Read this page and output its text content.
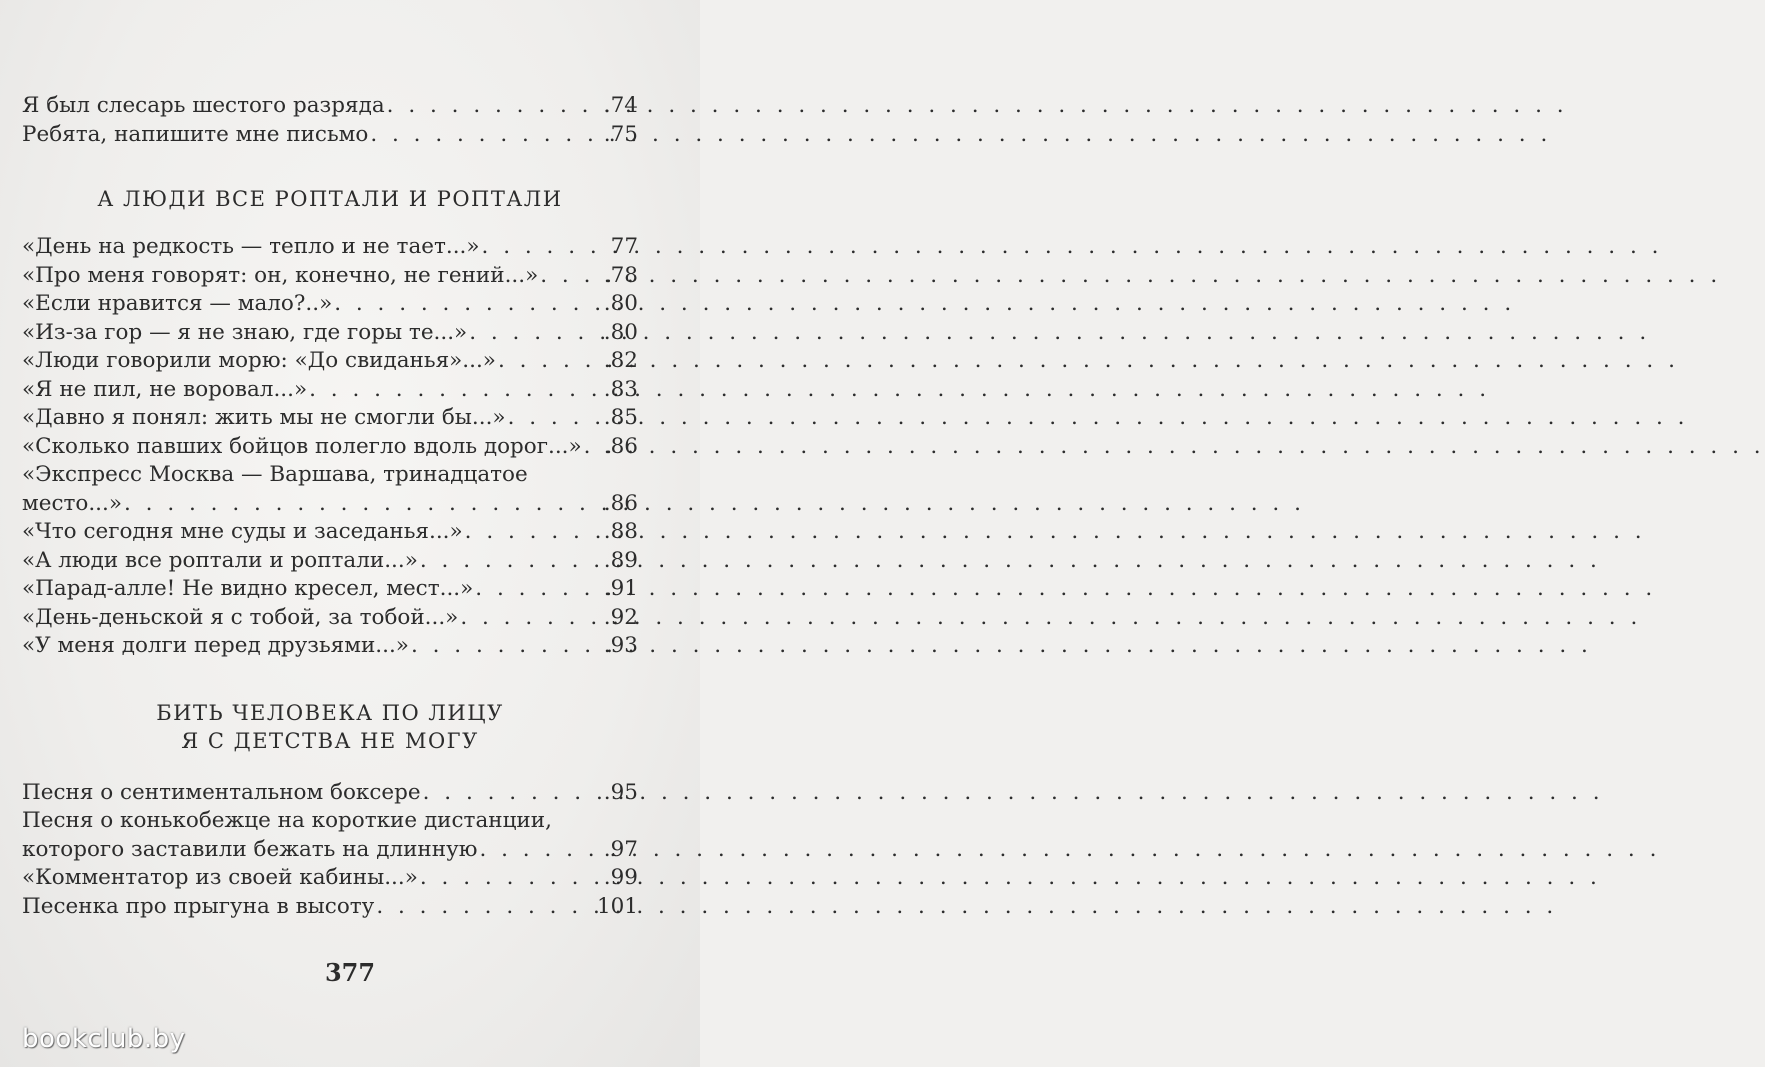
Я был слесарь шестого разряда . . .	.74
Ребята, напишите мне письмо . . .	.75

А ЛЮДИ ВСЕ РОПТАЛИ И РОПТАЛИ

«День на редкость — тепло и не тает...» . . .	77
«Про меня говорят: он, конечно, не гений...» . . .	.78
«Если нравится — мало?..» . . .	.80
«Из-за гор — я не знаю, где горы те...» . . .	.80
«Люди говорили морю: «До свиданья»...» . . .	.82
«Я не пил, не воровал...» . . .	.83
«Давно я понял: жить мы не смогли бы...» . . .	.85
«Сколько павших бойцов полегло вдоль дорог...» . . . .86
«Экспресс Москва — Варшава, тринадцатое
место...» . . .	.86
«Что сегодня мне суды и заседанья...» . . .	.88
«А люди все роптали и роптали...» . . .	.89
«Парад-алле! Не видно кресел, мест...» . . .	.91
«День-деньской я с тобой, за тобой...» . . .	.92
«У меня долги перед друзьями...» . . .	.93

БИТЬ ЧЕЛОВЕКА ПО ЛИЦУ

Я С ДЕТСТВА НЕ МОГУ

Песня о сентиментальном боксере . . .	.95
Песня о конькобежце на короткие дистанции,
которого заставили бежать на длинную . . .	.97
«Комментатор из своей кабины...» . . .	.99
Песенка про прыгуна в высоту . . .	101
377
bookclub.by
